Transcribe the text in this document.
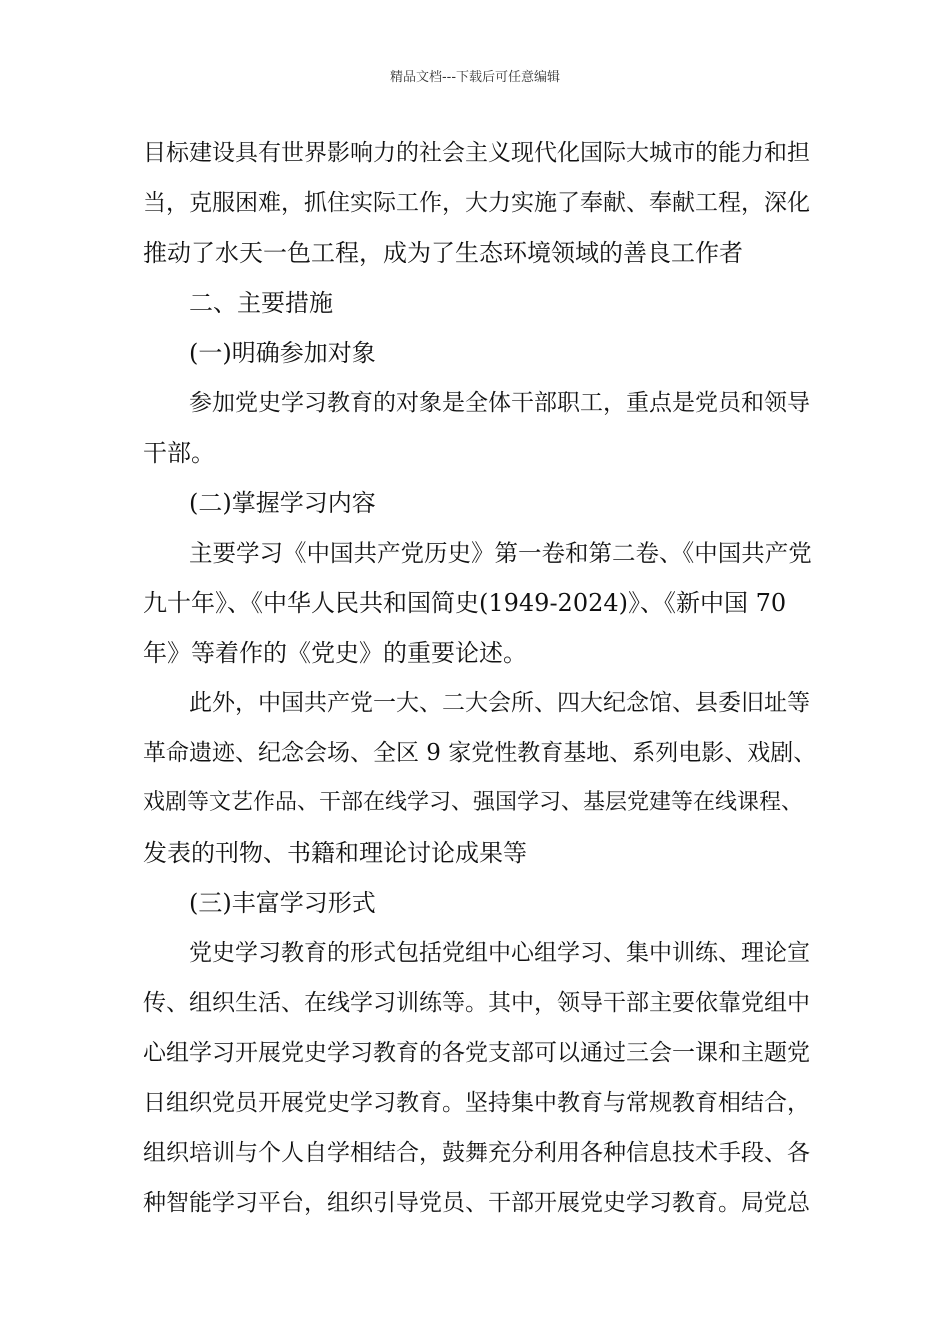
精品文档---下载后可任意编辑
目标建设具有世界影响力的社会主义现代化国际大城市的能力和担
当，克服困难，抓住实际工作，大力实施了奉献、奉献工程，深化
推动了水天一色工程，成为了生态环境领域的善良工作者
二、主要措施
(一)明确参加对象
参加党史学习教育的对象是全体干部职工，重点是党员和领导
干部。
(二)掌握学习内容
主要学习《中国共产党历史》第一卷和第二卷、《中国共产党
九十年》、《中华人民共和国简史(1949-2024)》、《新中国 70
年》等着作的《党史》的重要论述。
此外，中国共产党一大、二大会所、四大纪念馆、县委旧址等
革命遗迹、纪念会场、全区 9 家党性教育基地、系列电影、戏剧、
戏剧等文艺作品、干部在线学习、强国学习、基层党建等在线课程、
发表的刊物、书籍和理论讨论成果等
(三)丰富学习形式
党史学习教育的形式包括党组中心组学习、集中训练、理论宣
传、组织生活、在线学习训练等。其中，领导干部主要依靠党组中
心组学习开展党史学习教育的各党支部可以通过三会一课和主题党
日组织党员开展党史学习教育。坚持集中教育与常规教育相结合，
组织培训与个人自学相结合，鼓舞充分利用各种信息技术手段、各
种智能学习平台，组织引导党员、干部开展党史学习教育。局党总
